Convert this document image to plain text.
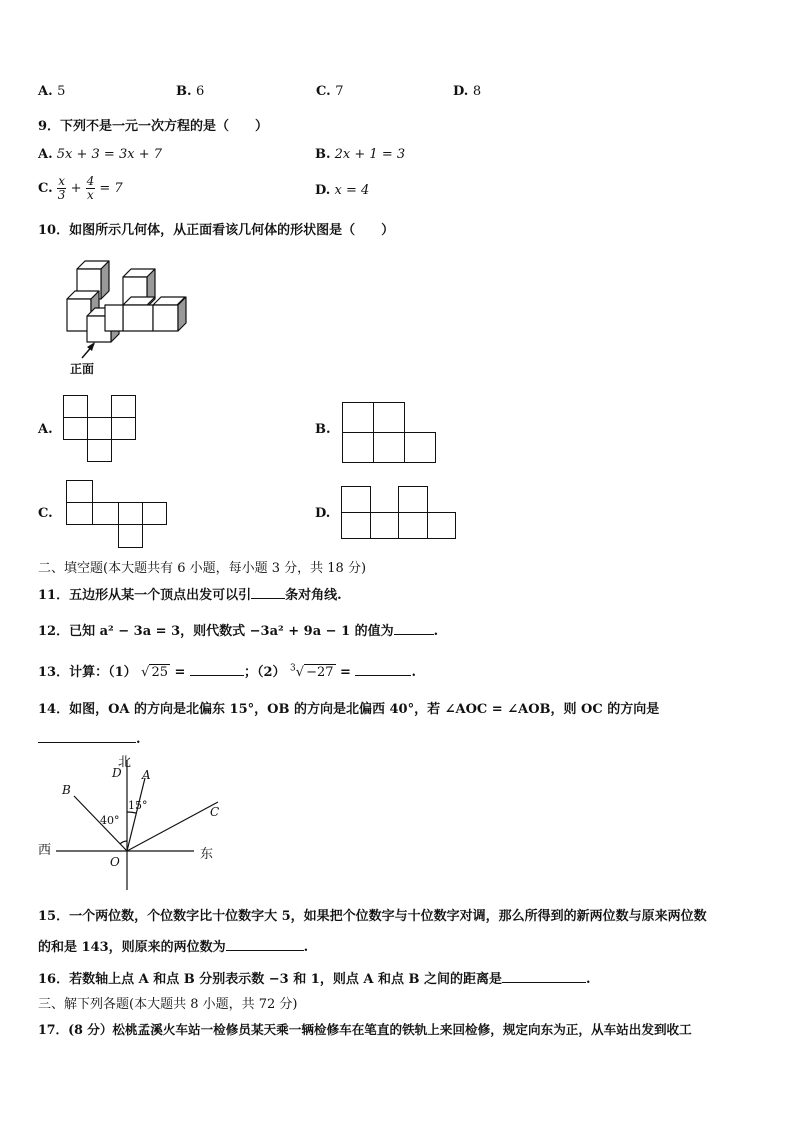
A. 5	B. 6	C. 7	D. 8
9．下列不是一元一次方程的是（　　）
A. 5x + 3 = 3x + 7	B. 2x + 1 = 3
C. $\frac{x}{3} + \frac{4}{x} = 7$	D. x = 4
10．如图所示几何体，从正面看该几何体的形状图是（　　）
正面
A.	B.
C.	D.
二、填空题(本大题共有 6 小题，每小题 3 分，共 18 分)
11．五边形从某一个顶点出发可以引	条对角线.
12．已知 a² − 3a = 3，则代数式 −3a² + 9a − 1 的值为	.
13．计算：（1） √ 25 =	；（2） $^3$√ −27 =	.
14．如图，OA 的方向是北偏东 15°，OB 的方向是北偏西 40°，若 ∠AOC = ∠AOB，则 OC 的方向是
.
北
D A
B
C
40°
15°
西	东
O
15．一个两位数，个位数字比十位数字大 5，如果把个位数字与十位数字对调，那么所得到的新两位数与原来两位数
的和是 143，则原来的两位数为	.
16．若数轴上点 A 和点 B 分别表示数 −3 和 1，则点 A 和点 B 之间的距离是	.
三、解下列各题(本大题共 8 小题，共 72 分)
17．(8 分）松桃孟溪火车站一检修员某天乘一辆检修车在笔直的铁轨上来回检修，规定向东为正，从车站出发到收工
